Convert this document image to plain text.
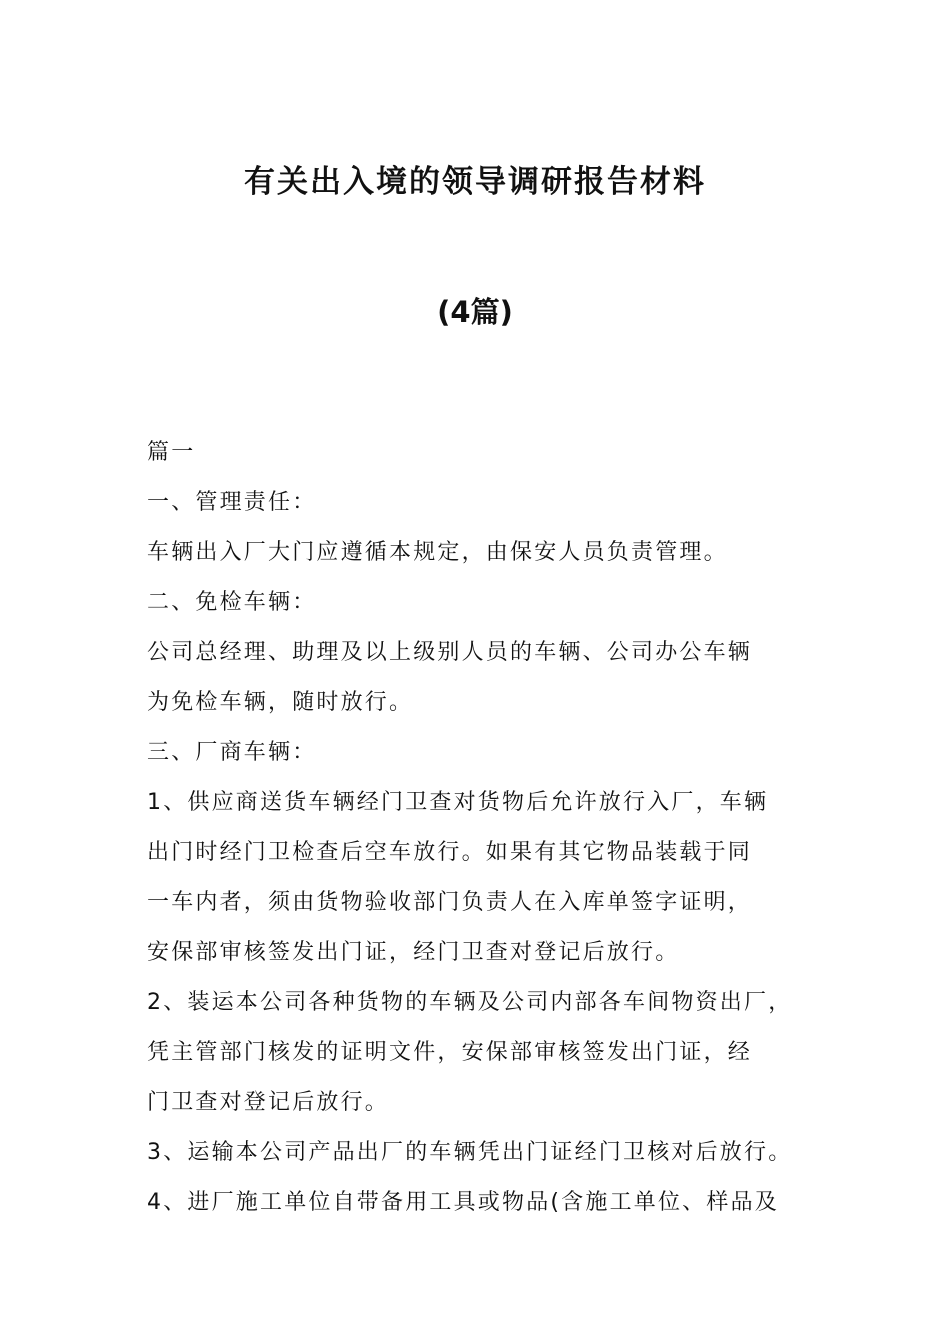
有关出入境的领导调研报告材料
(4篇)
篇一
一、管理责任：
车辆出入厂大门应遵循本规定，由保安人员负责管理。
二、免检车辆：
公司总经理、助理及以上级别人员的车辆、公司办公车辆
为免检车辆，随时放行。
三、厂商车辆：
1、供应商送货车辆经门卫查对货物后允许放行入厂，车辆
出门时经门卫检查后空车放行。如果有其它物品装载于同
一车内者，须由货物验收部门负责人在入库单签字证明，
安保部审核签发出门证，经门卫查对登记后放行。
2、装运本公司各种货物的车辆及公司内部各车间物资出厂，
凭主管部门核发的证明文件，安保部审核签发出门证，经
门卫查对登记后放行。
3、运输本公司产品出厂的车辆凭出门证经门卫核对后放行。
4、进厂施工单位自带备用工具或物品(含施工单位、样品及
